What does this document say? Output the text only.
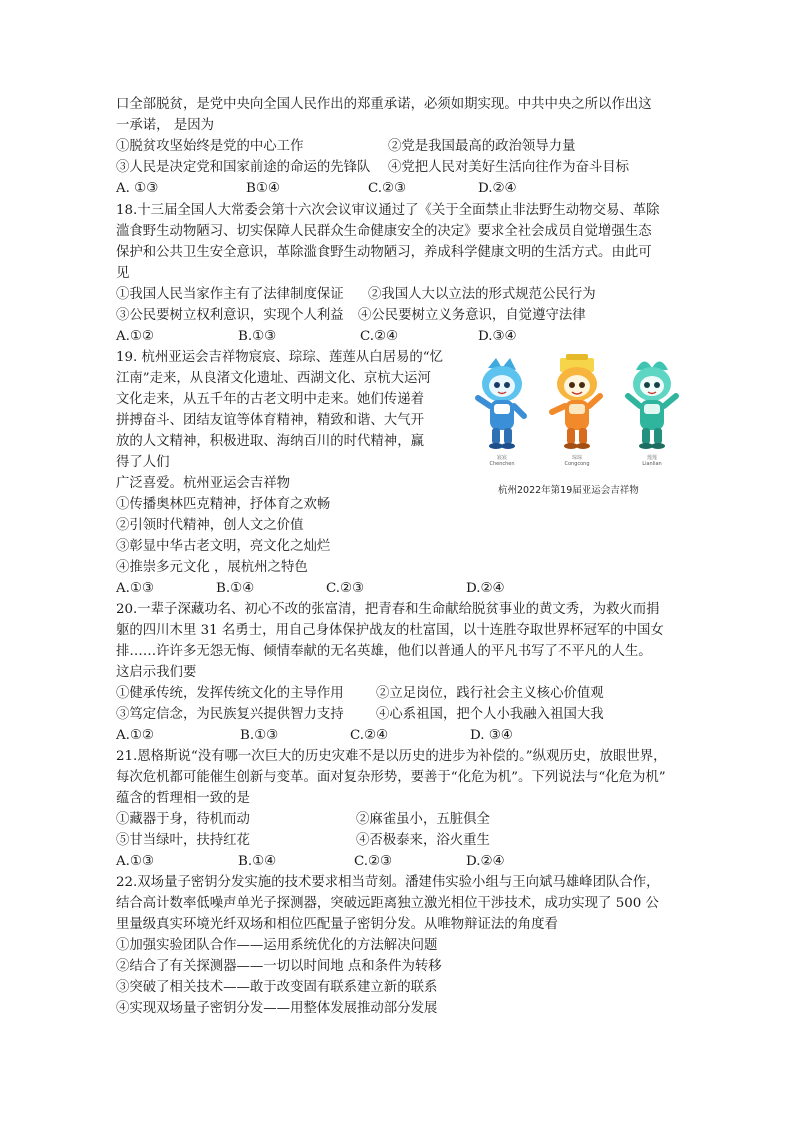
口全部脱贫，是党中央向全国人民作出的郑重承诺，必须如期实现。中共中央之所以作出这
一承诺， 是因为
①脱贫攻坚始终是党的中心工作	②党是我国最高的政治领导力量
③人民是决定党和国家前途的命运的先锋队 ④党把人民对美好生活向往作为奋斗目标
A. ①③	B①④	C.②③	D.②④
18.十三届全国人大常委会第十六次会议审议通过了《关于全面禁止非法野生动物交易、革除
滥食野生动物陋习、切实保障人民群众生命健康安全的决定》要求全社会成员自觉增强生态
保护和公共卫生安全意识，革除滥食野生动物陋习，养成科学健康文明的生活方式。由此可
见
①我国人民当家作主有了法律制度保证 ②我国人大以立法的形式规范公民行为
③公民要树立权利意识，实现个人利益 ④公民要树立义务意识，自觉遵守法律
A.①②	B.①③	C.②④	D.③④
19. 杭州亚运会吉祥物宸宸、琮琮、莲莲从白居易的“忆
江南”走来，从良渚文化遗址、西湖文化、京杭大运河
文化走来，从五千年的古老文明中走来。她们传递着
拼搏奋斗、团结友谊等体育精神，精致和谐、大气开
放的人文精神，积极进取、海纳百川的时代精神，赢
得了人们
广泛喜爱。杭州亚运会吉祥物
①传播奥林匹克精神，抒体育之欢畅
②引领时代精神，创人文之价值
③彰显中华古老文明，亮文化之灿烂
④推崇多元文化 ，展杭州之特色
A.①③	B.①④	C.②③	D.②④
宸宸
Chenchen
琮琮
Congcong
莲莲
Lianlian
杭州2022年第19届亚运会吉祥物
20.一辈子深藏功名、初心不改的张富清，把青春和生命献给脱贫事业的黄文秀，为救火而捐
躯的四川木里 31 名勇士，用自己身体保护战友的杜富国，以十连胜夺取世界杯冠军的中国女
排……许许多无怨无悔、倾情奉献的无名英雄，他们以普通人的平凡书写了不平凡的人生。
这启示我们要
①健承传统，发挥传统文化的主导作用 ②立足岗位，践行社会主义核心价值观
③笃定信念，为民族复兴提供智力支持 ④心系祖国，把个人小我融入祖国大我
A.①②	B.①③	C.②④	D. ③④
21.恩格斯说“没有哪一次巨大的历史灾难不是以历史的进步为补偿的。”纵观历史，放眼世界，
每次危机都可能催生创新与变革。面对复杂形势，要善于“化危为机”。下列说法与“化危为机”
蕴含的哲理相一致的是
①藏器于身，待机而动	②麻雀虽小，五脏俱全
⑤甘当绿叶，扶持红花	④否极泰来，浴火重生
A.①③	B.①④	C.②③	D.②④
22.双场量子密钥分发实施的技术要求相当苛刻。潘建伟实验小组与王向斌马雄峰团队合作，
结合高计数率低噪声单光子探测器，突破远距离独立激光相位干涉技术，成功实现了 500 公
里量级真实环境光纤双场和相位匹配量子密钥分发。从唯物辩证法的角度看
①加强实验团队合作——运用系统优化的方法解决问题
②结合了有关探测器——一切以时间地 点和条件为转移
③突破了相关技术——敢于改变固有联系建立新的联系
④实现双场量子密钥分发——用整体发展推动部分发展
